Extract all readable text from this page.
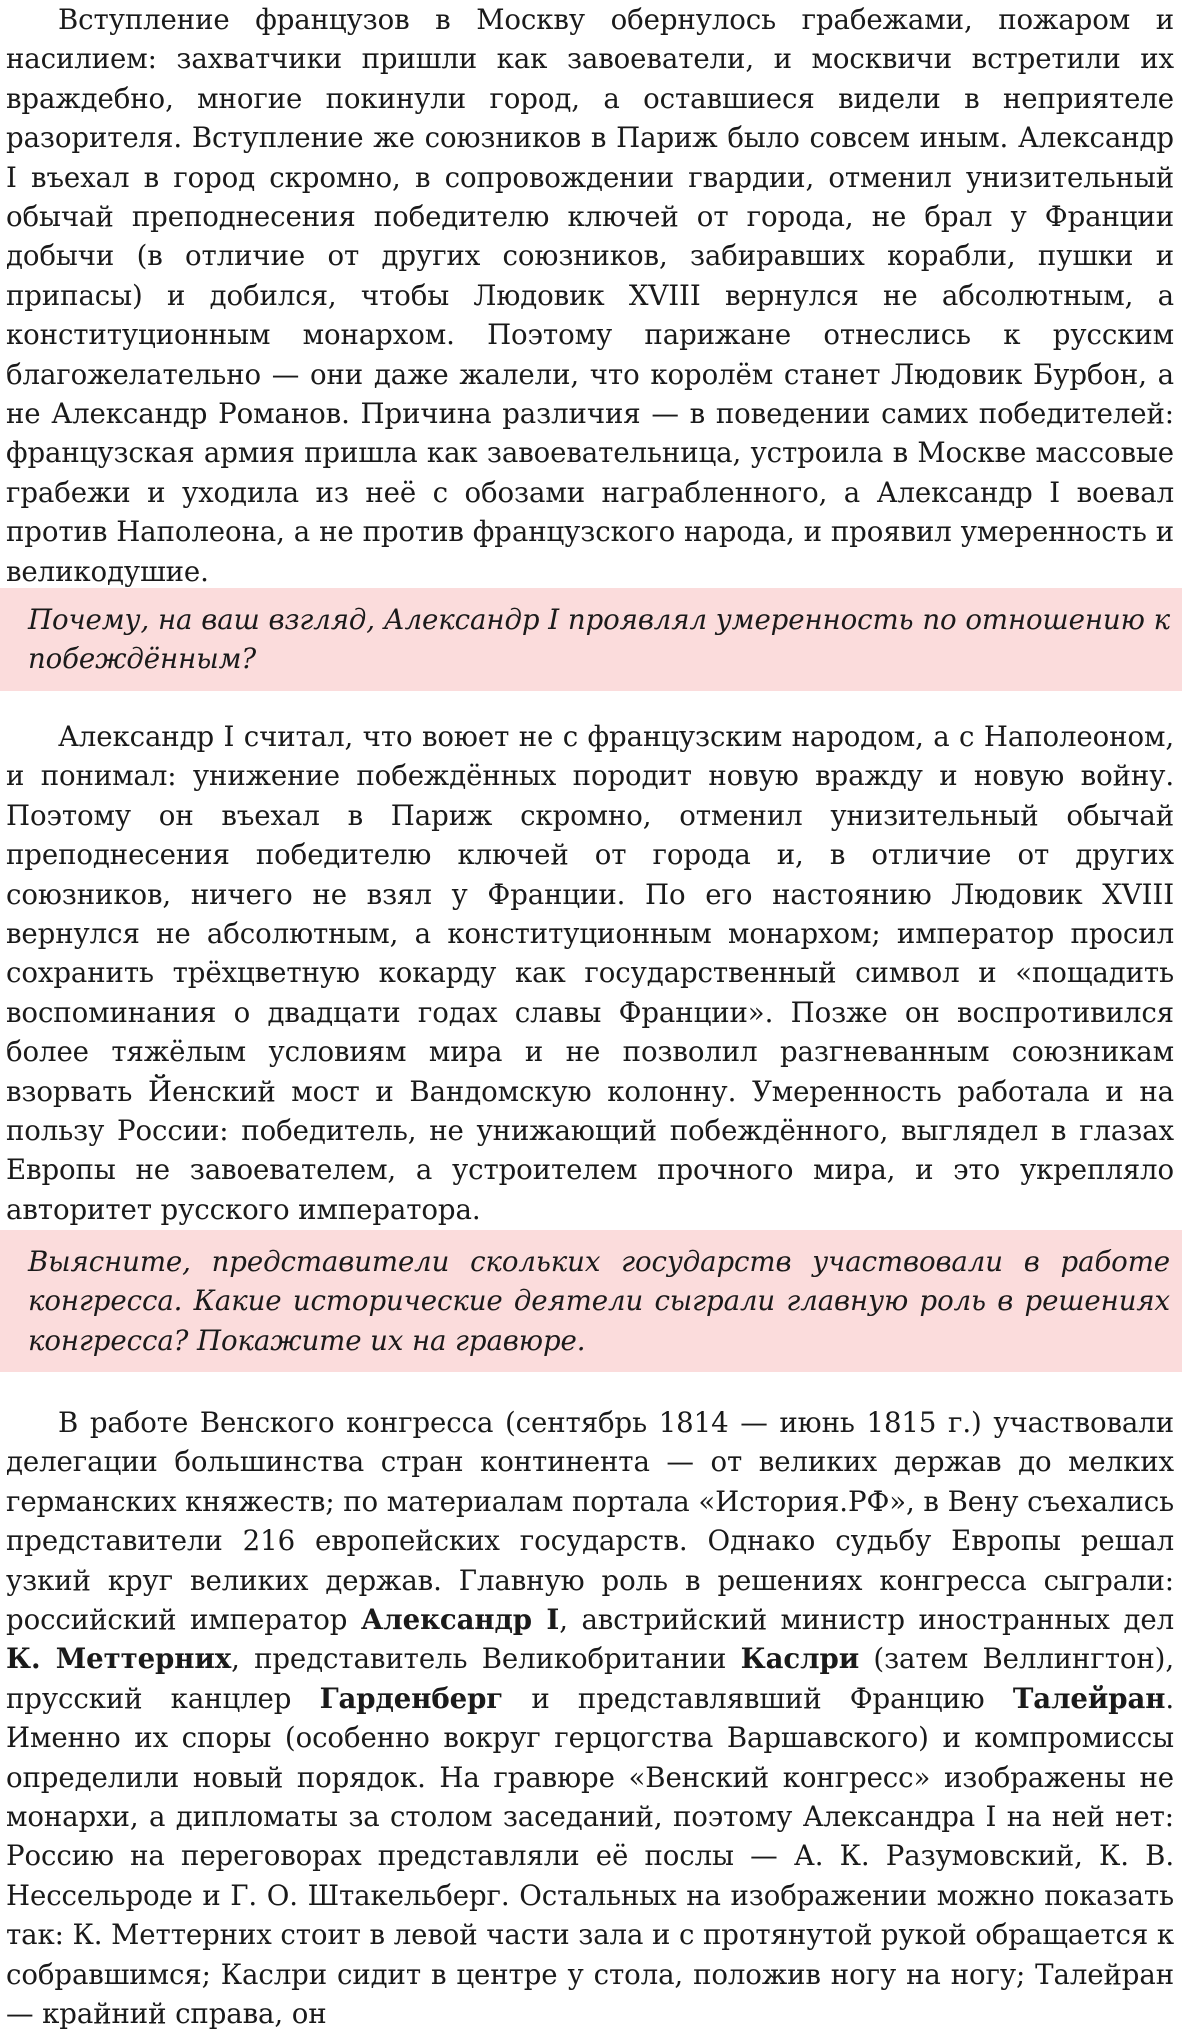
Вступление французов в Москву обернулось грабежами, пожаром и насилием: захватчики пришли как завоеватели, и москвичи встретили их враждебно, многие покинули город, а оставшиеся видели в неприятеле разорителя. Вступление же союзников в Париж было совсем иным. Александр I въехал в город скромно, в сопровождении гвардии, отменил унизительный обычай преподнесения победителю ключей от города, не брал у Франции добычи (в отличие от других союзников, забиравших корабли, пушки и припасы) и добился, чтобы Людовик XVIII вернулся не абсолютным, а конституционным монархом. Поэтому парижане отнеслись к русским благожелательно — они даже жалели, что королём станет Людовик Бурбон, а не Александр Романов. Причина различия — в поведении самих победителей: французская армия пришла как завоевательница, устроила в Москве массовые грабежи и уходила из неё с обозами награбленного, а Александр I воевал против Наполеона, а не против французского народа, и проявил умеренность и великодушие.

Почему, на ваш взгляд, Александр I проявлял умеренность по отношению к побеждённым?

Александр I считал, что воюет не с французским народом, а с Наполеоном, и понимал: унижение побеждённых породит новую вражду и новую войну. Поэтому он въехал в Париж скромно, отменил унизительный обычай преподнесения победителю ключей от города и, в отличие от других союзников, ничего не взял у Франции. По его настоянию Людовик XVIII вернулся не абсолютным, а конституционным монархом; император просил сохранить трёхцветную кокарду как государственный символ и «пощадить воспоминания о двадцати годах славы Франции». Позже он воспротивился более тяжёлым условиям мира и не позволил разгневанным союзникам взорвать Йенский мост и Вандомскую колонну. Умеренность работала и на пользу России: победитель, не унижающий побеждённого, выглядел в глазах Европы не завоевателем, а устроителем прочного мира, и это укрепляло авторитет русского императора.

Выясните, представители скольких государств участвовали в работе конгресса. Какие исторические деятели сыграли главную роль в решениях конгресса? Покажите их на гравюре.

В работе Венского конгресса (сентябрь 1814 — июнь 1815 г.) участвовали делегации большинства стран континента — от великих держав до мелких германских княжеств; по материалам портала «История.РФ», в Вену съехались представители 216 европейских государств. Однако судьбу Европы решал узкий круг великих держав. Главную роль в решениях конгресса сыграли: российский император Александр I, австрийский министр иностранных дел К. Меттерних, представитель Великобритании Каслри (затем Веллингтон), прусский канцлер Гарденберг и представлявший Францию Талейран. Именно их споры (особенно вокруг герцогства Варшавского) и компромиссы определили новый порядок. На гравюре «Венский конгресс» изображены не монархи, а дипломаты за столом заседаний, поэтому Александра I на ней нет: Россию на переговорах представляли её послы — А. К. Разумовский, К. В. Нессельроде и Г. О. Штакельберг. Остальных на изображении можно показать так: К. Меттерних стоит в левой части зала и с протянутой рукой обращается к собравшимся; Каслри сидит в центре у стола, положив ногу на ногу; Талейран — крайний справа, он
